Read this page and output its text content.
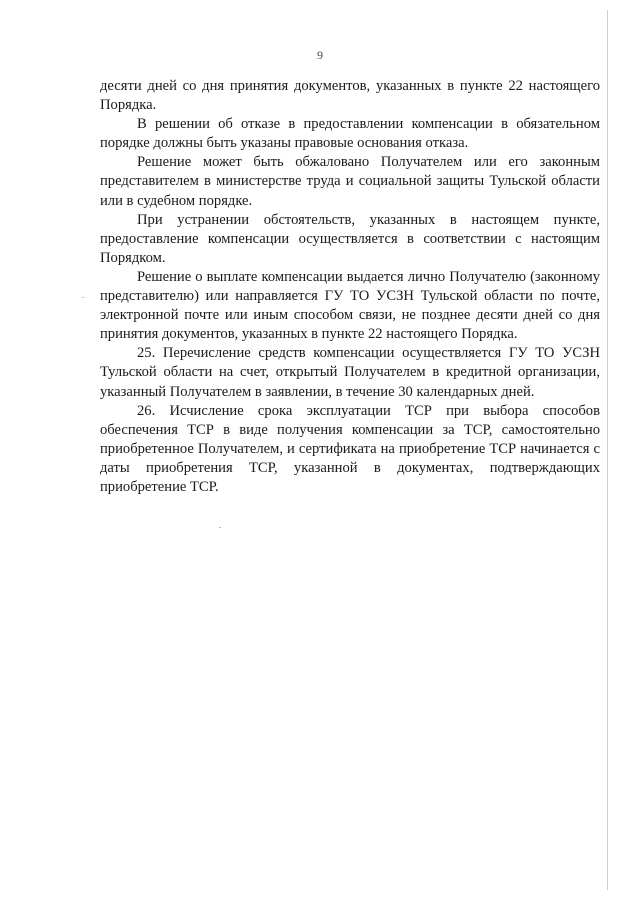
9

десяти дней со дня принятия документов, указанных в пункте 22 настоящего Порядка.

В решении об отказе в предоставлении компенсации в обязательном порядке должны быть указаны правовые основания отказа.

Решение может быть обжаловано Получателем или его законным представителем в министерстве труда и социальной защиты Тульской области или в судебном порядке.

При устранении обстоятельств, указанных в настоящем пункте, предоставление компенсации осуществляется в соответствии с настоящим Порядком.

Решение о выплате компенсации выдается лично Получателю (законному представителю) или направляется ГУ ТО УСЗН Тульской области по почте, электронной почте или иным способом связи, не позднее десяти дней со дня принятия документов, указанных в пункте 22 настоящего Порядка.

25. Перечисление средств компенсации осуществляется ГУ ТО УСЗН Тульской области на счет, открытый Получателем в кредитной организации, указанный Получателем в заявлении, в течение 30 календарных дней.

26. Исчисление срока эксплуатации ТСР при выбора способов обеспечения ТСР в виде получения компенсации за ТСР, самостоятельно приобретенное Получателем, и сертификата на приобретение ТСР начинается с даты приобретения ТСР, указанной в документах, подтверждающих приобретение ТСР.
